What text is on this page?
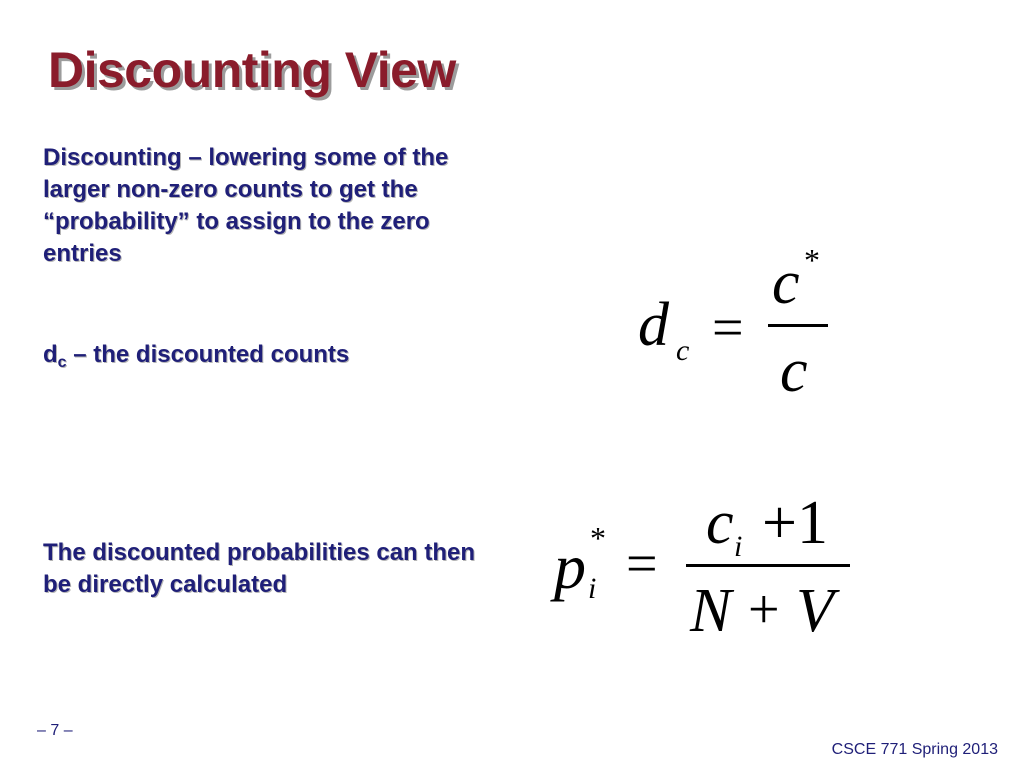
Discounting View

Discounting – lowering some of the larger non-zero counts to get the “probability” to assign to the zero entries

$d_c$ – the discounted counts

The discounted probabilities can then be directly calculated

d c =
c *
c
p i
* =
c i +1
N + V
– 7 –
CSCE 771 Spring 2013
